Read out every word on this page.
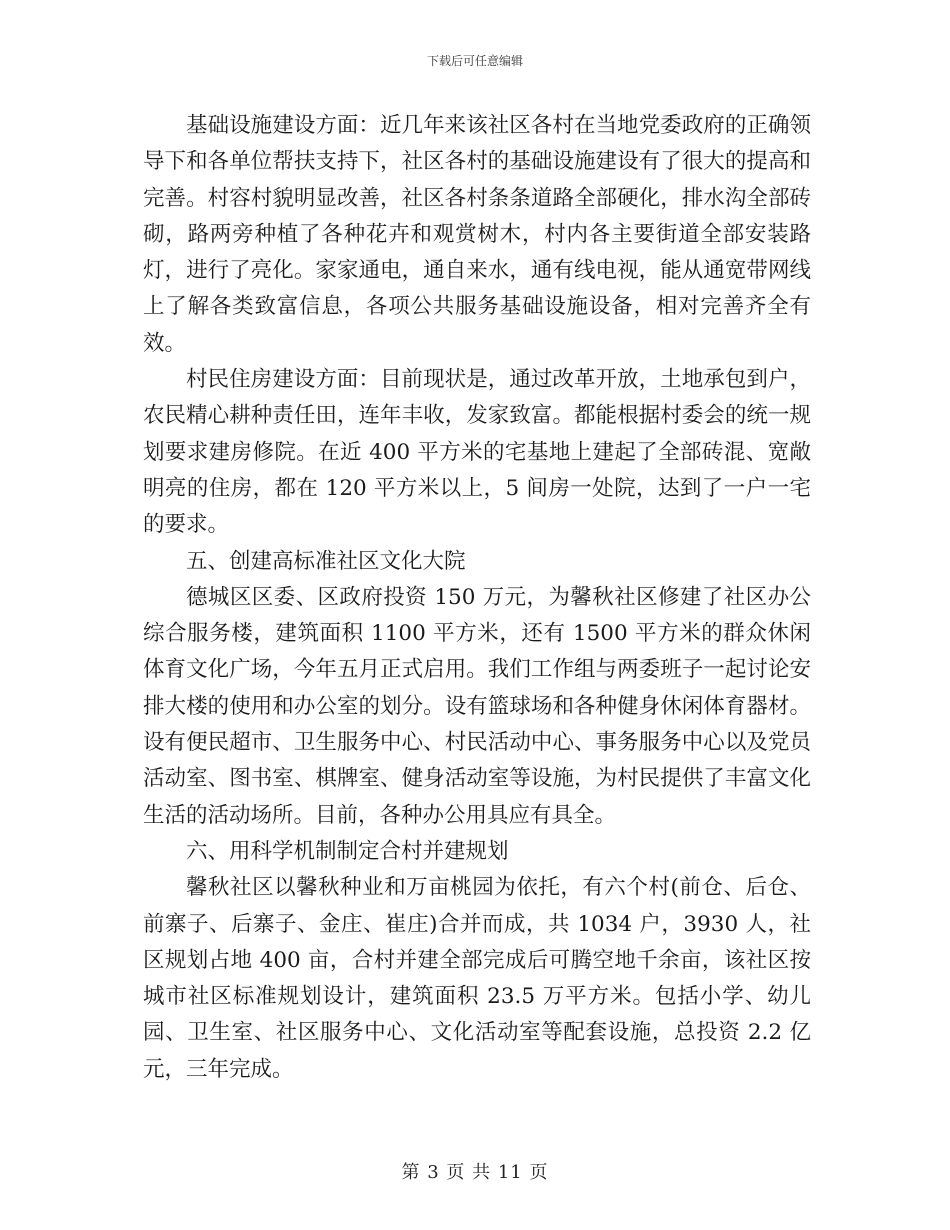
下载后可任意编辑

基础设施建设方面：近几年来该社区各村在当地党委政府的正确领导下和各单位帮扶支持下，社区各村的基础设施建设有了很大的提高和完善。村容村貌明显改善，社区各村条条道路全部硬化，排水沟全部砖砌，路两旁种植了各种花卉和观赏树木，村内各主要街道全部安装路灯，进行了亮化。家家通电，通自来水，通有线电视，能从通宽带网线上了解各类致富信息，各项公共服务基础设施设备，相对完善齐全有效。

村民住房建设方面：目前现状是，通过改革开放，土地承包到户，农民精心耕种责任田，连年丰收，发家致富。都能根据村委会的统一规划要求建房修院。在近 400 平方米的宅基地上建起了全部砖混、宽敞明亮的住房，都在 120 平方米以上，5 间房一处院，达到了一户一宅的要求。

五、创建高标准社区文化大院

德城区区委、区政府投资 150 万元，为馨秋社区修建了社区办公综合服务楼，建筑面积 1100 平方米，还有 1500 平方米的群众休闲体育文化广场，今年五月正式启用。我们工作组与两委班子一起讨论安排大楼的使用和办公室的划分。设有篮球场和各种健身休闲体育器材。设有便民超市、卫生服务中心、村民活动中心、事务服务中心以及党员活动室、图书室、棋牌室、健身活动室等设施，为村民提供了丰富文化生活的活动场所。目前，各种办公用具应有具全。

六、用科学机制制定合村并建规划

馨秋社区以馨秋种业和万亩桃园为依托，有六个村(前仓、后仓、前寨子、后寨子、金庄、崔庄)合并而成，共 1034 户，3930 人，社区规划占地 400 亩，合村并建全部完成后可腾空地千余亩，该社区按城市社区标准规划设计，建筑面积 23.5 万平方米。包括小学、幼儿园、卫生室、社区服务中心、文化活动室等配套设施，总投资 2.2 亿元，三年完成。

第 3 页 共 11 页
